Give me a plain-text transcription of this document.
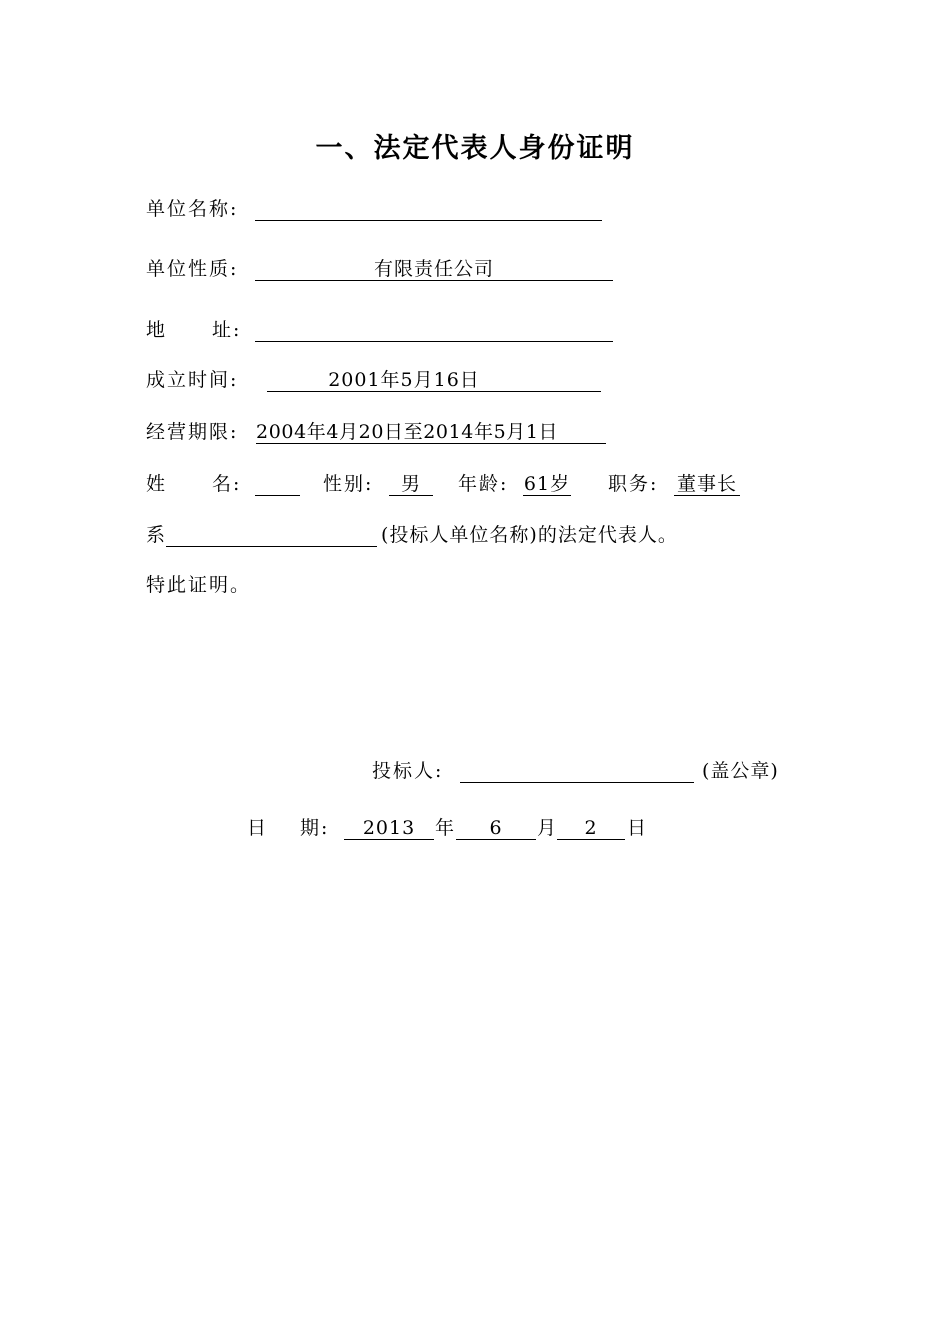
一、法定代表人身份证明
单位名称:
单位性质:	有限责任公司
地 址:
成立时间:	2001年5月16日
经营期限: 2004年4月20日至2014年5月1日
姓 名:	性别:	男	年龄: 61岁 职务: 董事长
系	(投标人单位名称)的法定代表人。
特此证明。
投标人:	(盖公章)
日 期:	2013	年	6	月	2	日
